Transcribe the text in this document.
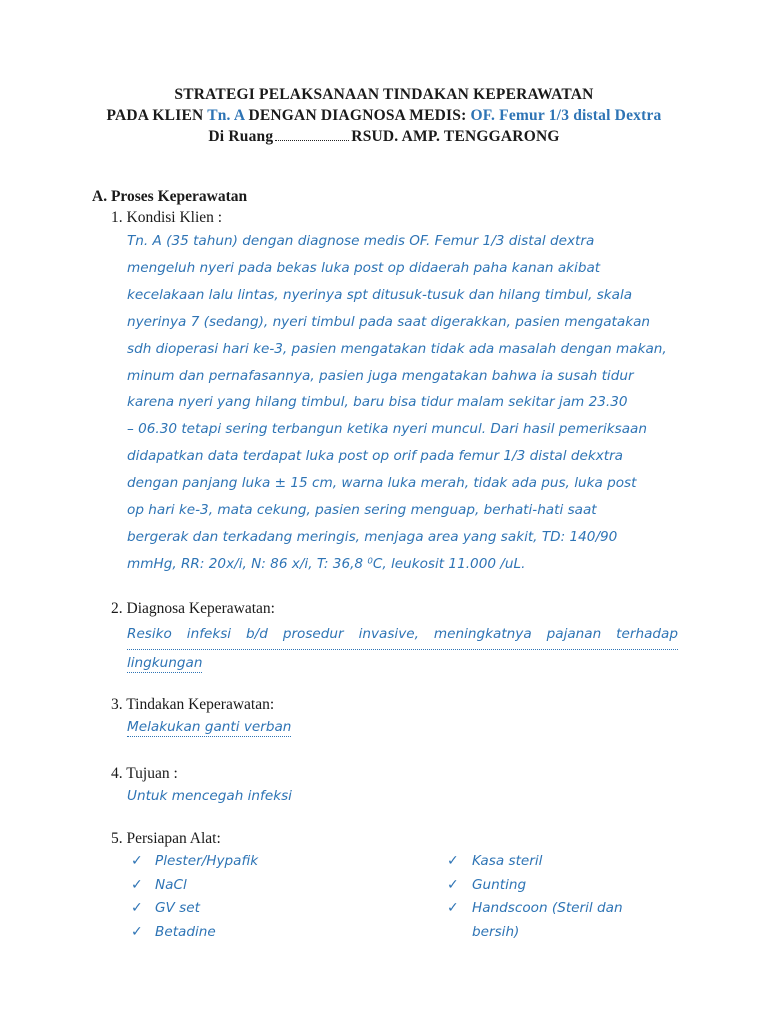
STRATEGI PELAKSANAAN TINDAKAN KEPERAWATAN
PADA KLIEN Tn. A DENGAN DIAGNOSA MEDIS: OF. Femur 1/3 distal Dextra
Di Ruang	RSUD. AMP. TENGGARONG
A. Proses Keperawatan
1. Kondisi Klien :
Tn. A (35 tahun) dengan diagnose medis OF. Femur 1/3 distal dextra
mengeluh nyeri pada bekas luka post op didaerah paha kanan akibat
kecelakaan lalu lintas, nyerinya spt ditusuk-tusuk dan hilang timbul, skala
nyerinya 7 (sedang), nyeri timbul pada saat digerakkan, pasien mengatakan
sdh dioperasi hari ke-3, pasien mengatakan tidak ada masalah dengan makan,
minum dan pernafasannya, pasien juga mengatakan bahwa ia susah tidur
karena nyeri yang hilang timbul, baru bisa tidur malam sekitar jam 23.30
– 06.30 tetapi sering terbangun ketika nyeri muncul. Dari hasil pemeriksaan
didapatkan data terdapat luka post op orif pada femur 1/3 distal dekxtra
dengan panjang luka ± 15 cm, warna luka merah, tidak ada pus, luka post
op hari ke-3, mata cekung, pasien sering menguap, berhati-hati saat
bergerak dan terkadang meringis, menjaga area yang sakit, TD: 140/90
mmHg, RR: 20x/i, N: 86 x/i, T: 36,8 ⁰C, leukosit 11.000 /uL.
2. Diagnosa Keperawatan:
Resiko infeksi b/d prosedur invasive, meningkatnya pajanan terhadap
lingkungan
3. Tindakan Keperawatan:
Melakukan ganti verban
4. Tujuan :
Untuk mencegah infeksi
5. Persiapan Alat:
✓ Plester/Hypafik
✓ NaCl
✓ GV set
✓ Betadine
✓ Kasa steril
✓ Gunting
✓ Handscoon (Steril dan
bersih)
